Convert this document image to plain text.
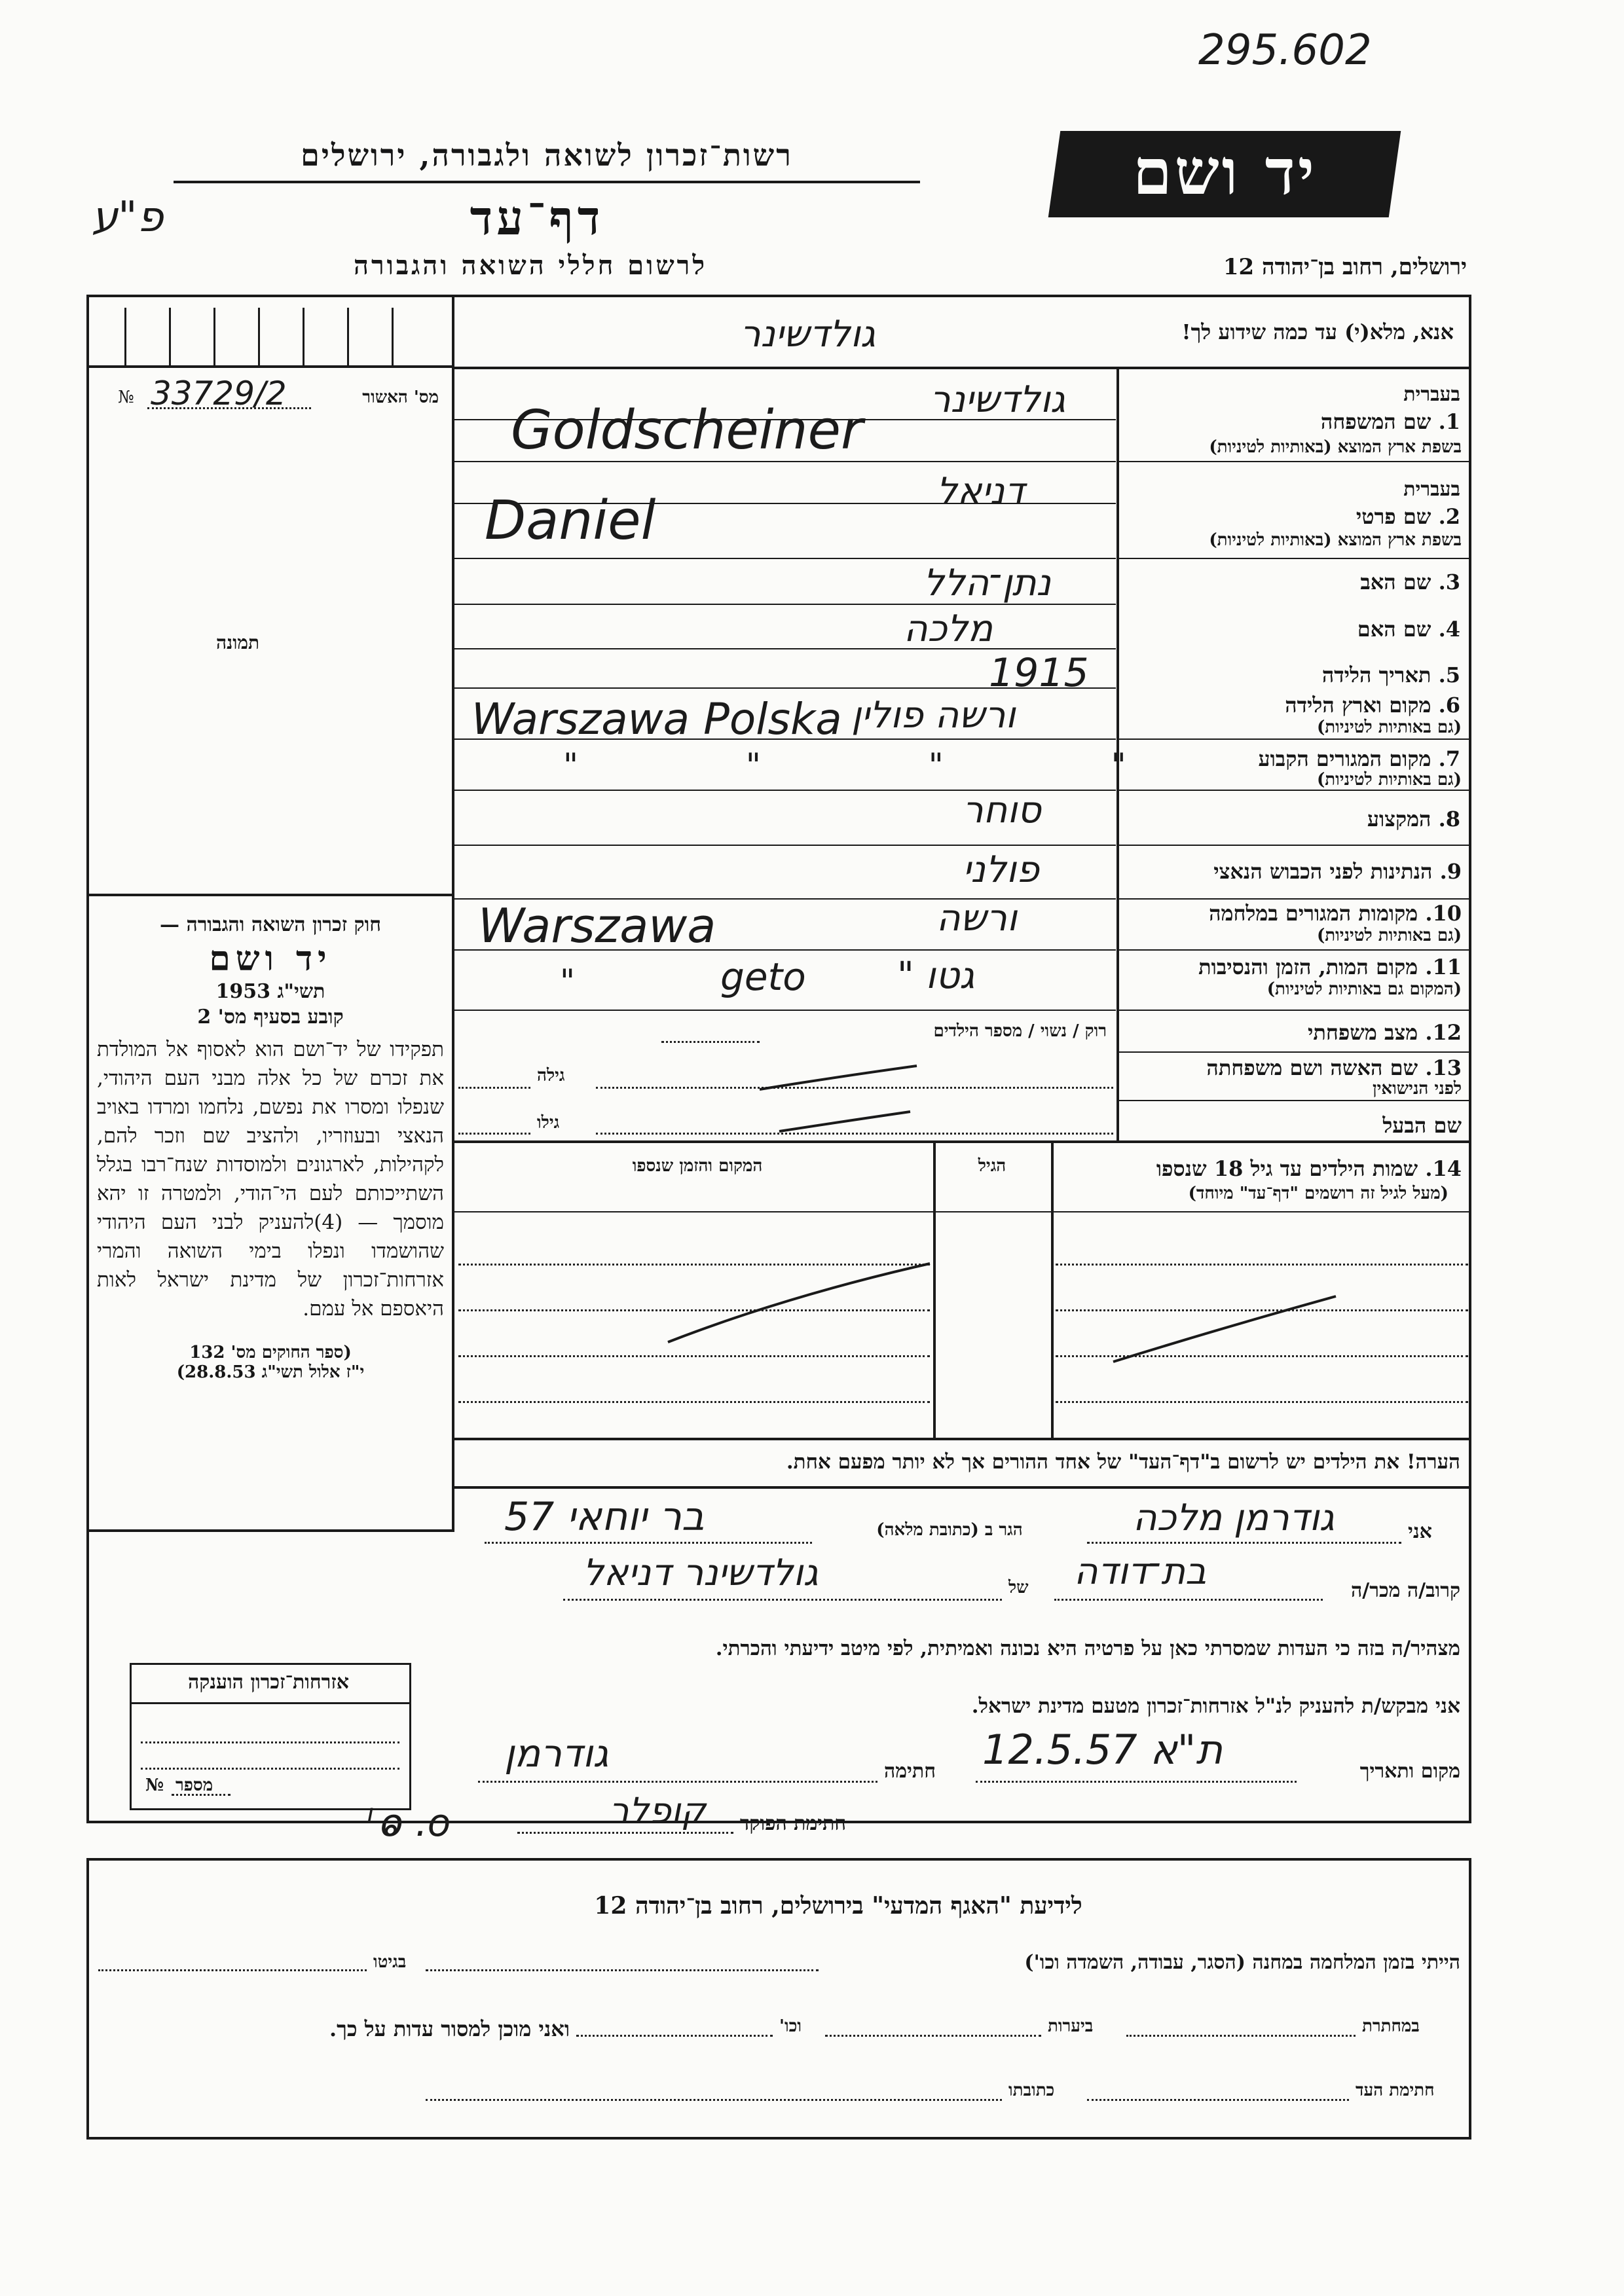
295.602
פ"ע
רשות־זכרון לשואה ולגבורה, ירושלים
דף־עד
לרשום חללי השואה והגבורה
יד ושם
ירושלים, רחוב בן־יהודה 12
№ 33729/2	מס' האשור
תמונה
חוק זכרון השואה והגבורה —
יד ושם
תשי"ג 1953
קובע בסעיף מס' 2
תפקידו של יד־ושם הוא לאסוף אל המולדת את זכרם של כל אלה מבני העם היהודי, שנפלו ומסרו את נפשם, נלחמו ומרדו באויב הנאצי ובעוזריו, ולהציב שם וזכר להם, לקהילות, לארגונים ולמוסדות שנח־רבו בגלל השתייכותם לעם הי־הודי, ולמטרה זו יהא מוסמך — (4)להעניק לבני העם היהודי שהושמדו ונפלו בימי השואה והמרי אזרחות־זכרון של מדינת ישראל לאות היאספם אל עמם.
(ספר החוקים מס' 132
י"ז אלול תשי"ג 28.8.53)
אנא, מלא(י) עד כמה שידוע לך!
גולדשינר
בעברית
1. שם המשפחה
בשפת ארץ המוצא (באותיות לטיניות)
גולדשינר
Goldscheiner
בעברית
2. שם פרטי
בשפת ארץ המוצא (באותיות לטיניות)
דניאל
Daniel
3. שם האב
נתן־הלל
4. שם האם
מלכה
5. תאריך הלידה
1915
6. מקום וארץ הלידה
(גם באותיות לטיניות)
ורשה פולין
Warszawa Polska
7. מקום המגורים הקבוע
(גם באותיות לטיניות)
" " " "
8. המקצוע
סוחר
9. הנתינות לפני הכבוש הנאצי
פולני
10. מקומות המגורים במלחמה
(גם באותיות לטיניות)
ורשה
Warszawa
11. מקום המות, הזמן והנסיבות
(המקום גם באותיות לטיניות)
גטו "
geto
"
12. מצב משפחתי
רוק / נשוי / מספר הילדים
13. שם האשה ושם משפחתה
לפני הנישואין
גילה
שם הבעל
גילו
14. שמות הילדים עד גיל 18 שנספו
(מעל לגיל זה רושמים "דף־עד" מיוחד)
הגיל
המקום והזמן שנספו
הערה! את הילדים יש לרשום ב"דף־העד" של אחד ההורים אך לא יותר מפעם אחת.
אני
גודרמן מלכה
הגר ב (כתובת מלאה)
בר יוחאי 57
קרוב/ה מכר/ה
בת־דודה
של
גולדשינר דניאל
מצהיר/ה בזה כי העדות שמסרתי כאן על פרטיה היא נכונה ואמיתית, לפי מיטב ידיעתי והכרתי.
אני מבקש/ת להעניק לנ"ל אזרחות־זכרון מטעם מדינת ישראל.
מקום ותאריך
ת"א 12.5.57
חתימה
גודרמן
חתימת הפוקד
קופלר
ᴸⱺ .o
אזרחות־זכרון הוענקה
№ מספר
לידיעת "האגף המדעי" בירושלים, רחוב בן־יהודה 12
הייתי בזמן המלחמה במחנה (הסגר, עבודה, השמדה וכו')
בגיטו
במחתרת
ביערות
וכו'
ואני מוכן למסור עדות על כך.
חתימת העד
כתובתו
